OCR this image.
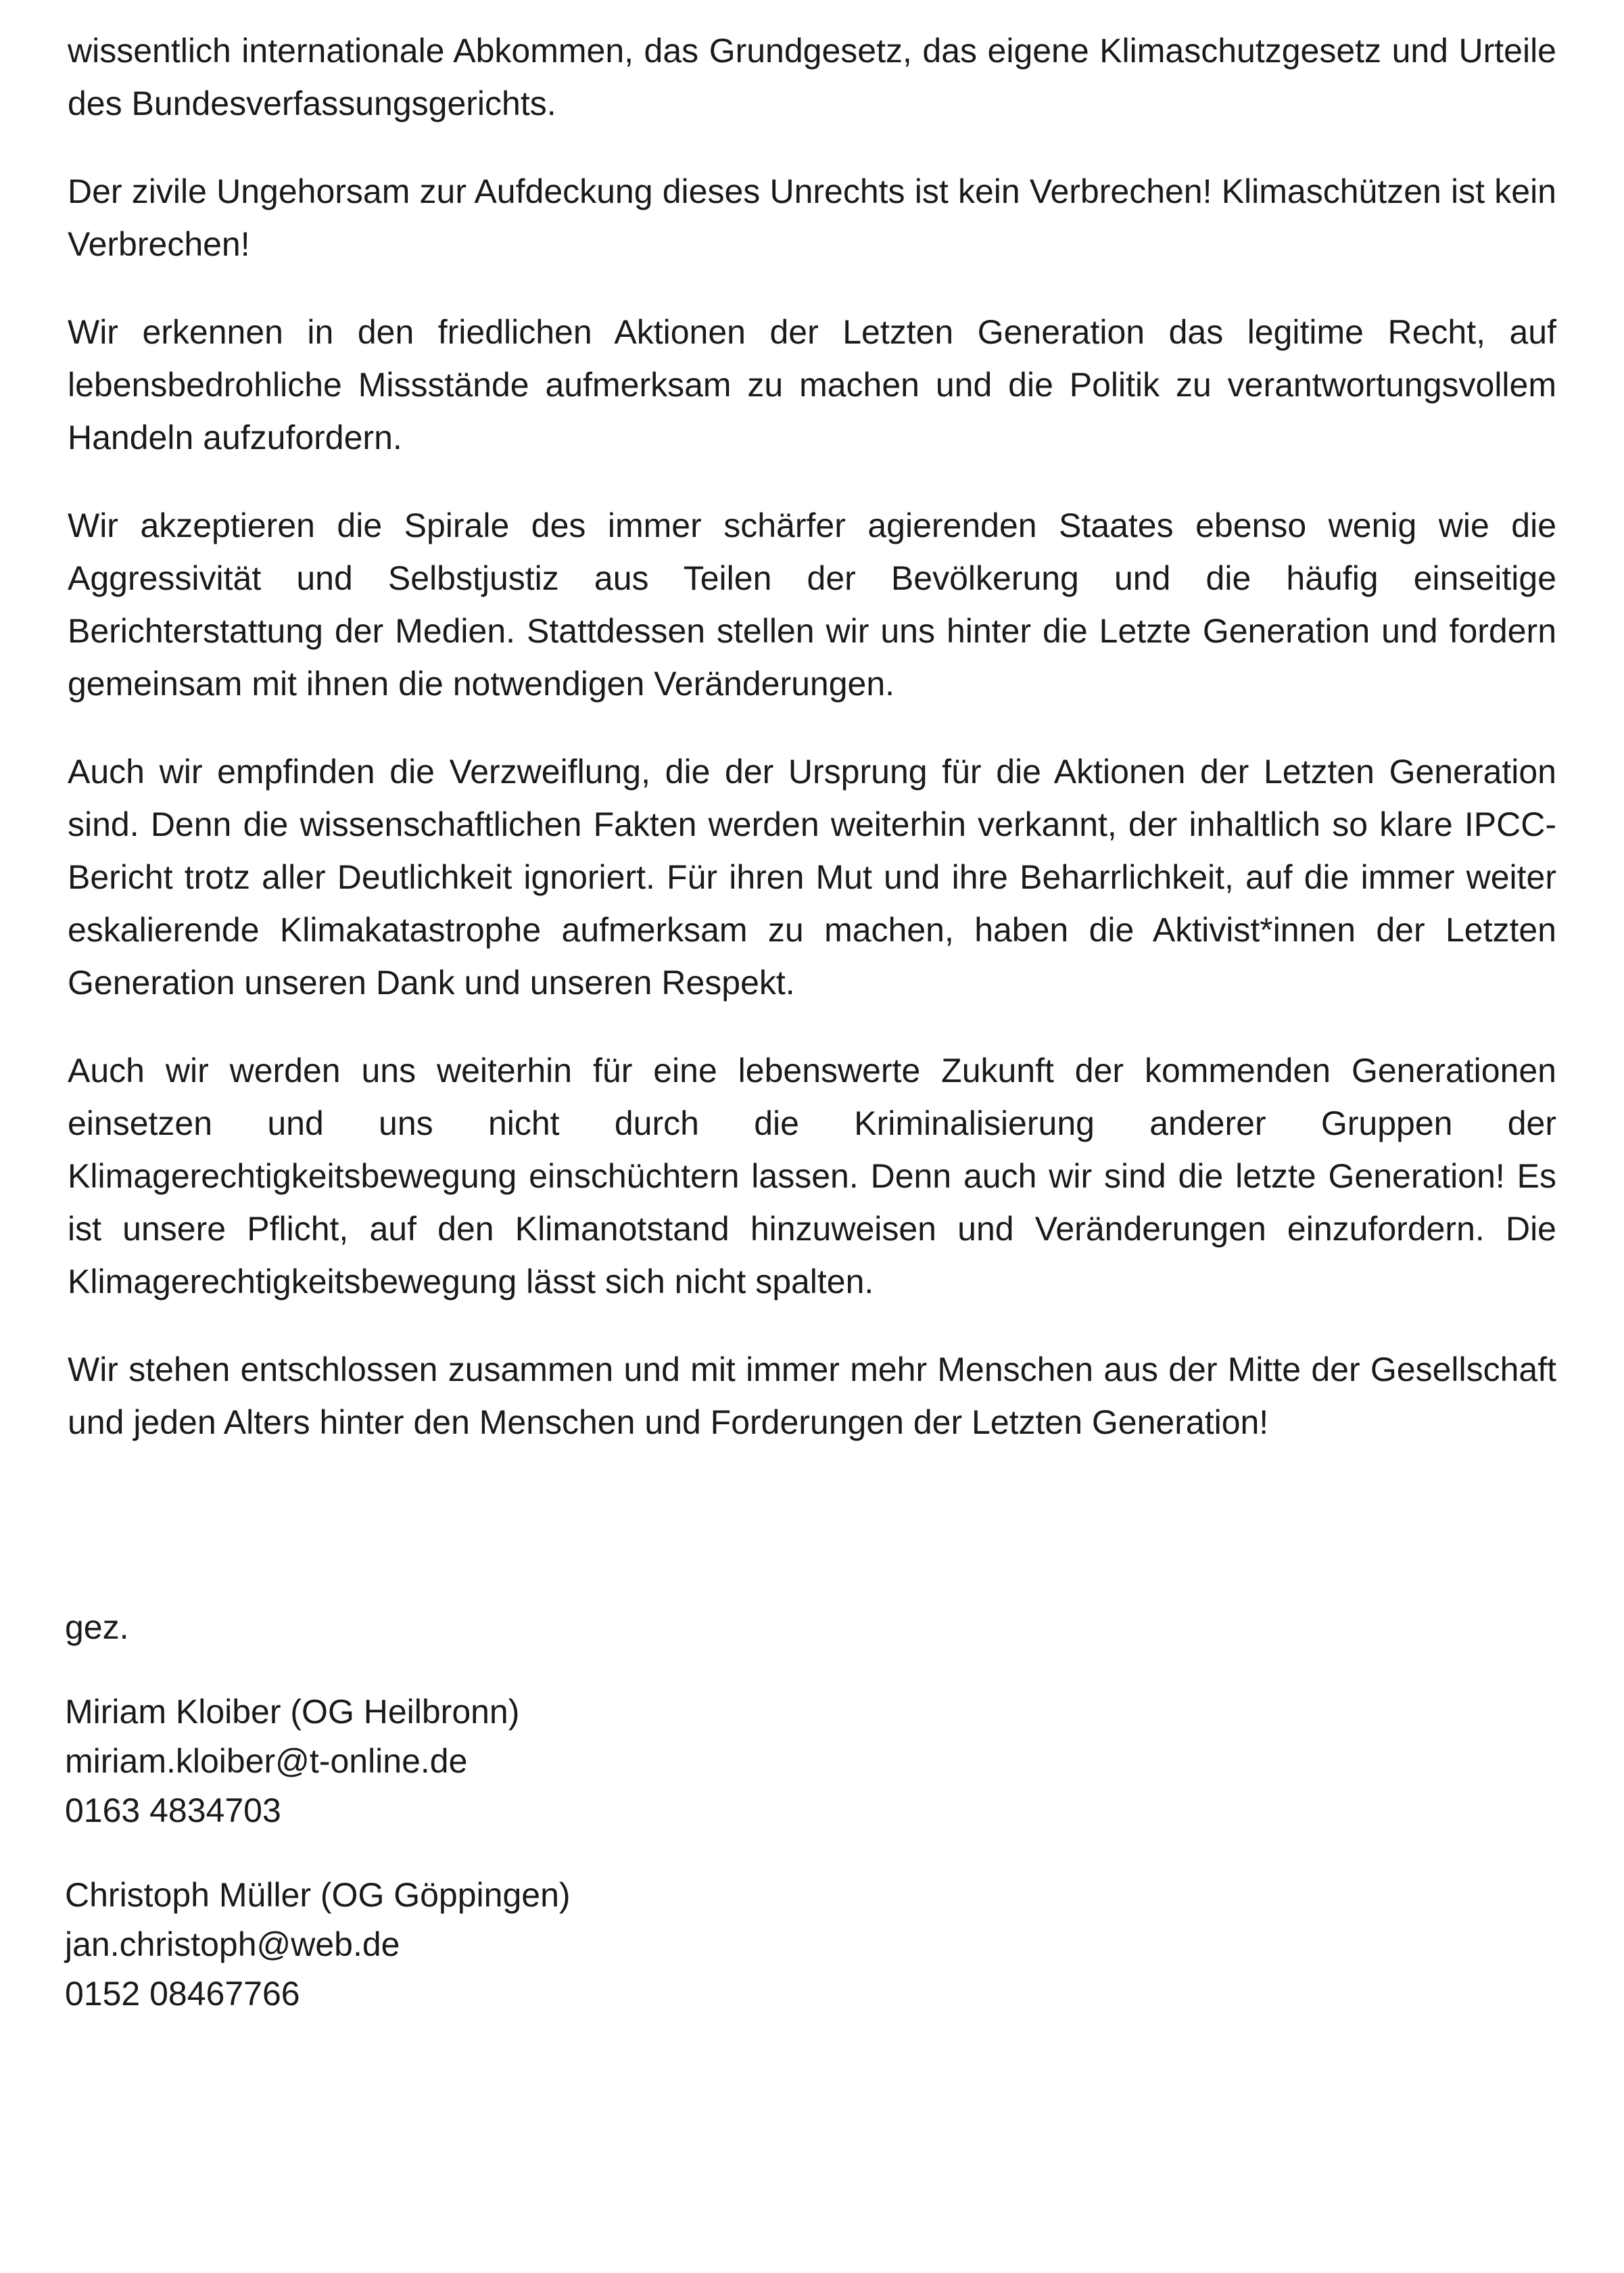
wissentlich internationale Abkommen, das Grundgesetz, das eigene Klimaschutzgesetz und Urteile des Bundesverfassungsgerichts.

Der zivile Ungehorsam zur Aufdeckung dieses Unrechts ist kein Verbrechen! Klimaschützen ist kein Verbrechen!

Wir erkennen in den friedlichen Aktionen der Letzten Generation das legitime Recht, auf lebensbedrohliche Missstände aufmerksam zu machen und die Politik zu verantwortungsvollem Handeln aufzufordern.

Wir akzeptieren die Spirale des immer schärfer agierenden Staates ebenso wenig wie die Aggressivität und Selbstjustiz aus Teilen der Bevölkerung und die häufig einseitige Berichterstattung der Medien. Stattdessen stellen wir uns hinter die Letzte Generation und fordern gemeinsam mit ihnen die notwendigen Veränderungen.

Auch wir empfinden die Verzweiflung, die der Ursprung für die Aktionen der Letzten Generation sind. Denn die wissenschaftlichen Fakten werden weiterhin verkannt, der inhaltlich so klare IPCC-Bericht trotz aller Deutlichkeit ignoriert. Für ihren Mut und ihre Beharrlichkeit, auf die immer weiter eskalierende Klimakatastrophe aufmerksam zu machen, haben die Aktivist*innen der Letzten Generation unseren Dank und unseren Respekt.

Auch wir werden uns weiterhin für eine lebenswerte Zukunft der kommenden Generationen einsetzen und uns nicht durch die Kriminalisierung anderer Gruppen der Klimagerechtigkeitsbewegung einschüchtern lassen. Denn auch wir sind die letzte Generation! Es ist unsere Pflicht, auf den Klimanotstand hinzuweisen und Veränderungen einzufordern. Die Klimagerechtigkeitsbewegung lässt sich nicht spalten.

Wir stehen entschlossen zusammen und mit immer mehr Menschen aus der Mitte der Gesellschaft und jeden Alters hinter den Menschen und Forderungen der Letzten Generation!

gez.
Miriam Kloiber (OG Heilbronn)
miriam.kloiber@t-online.de
0163 4834703
Christoph Müller (OG Göppingen)
jan.christoph@web.de
0152 08467766
